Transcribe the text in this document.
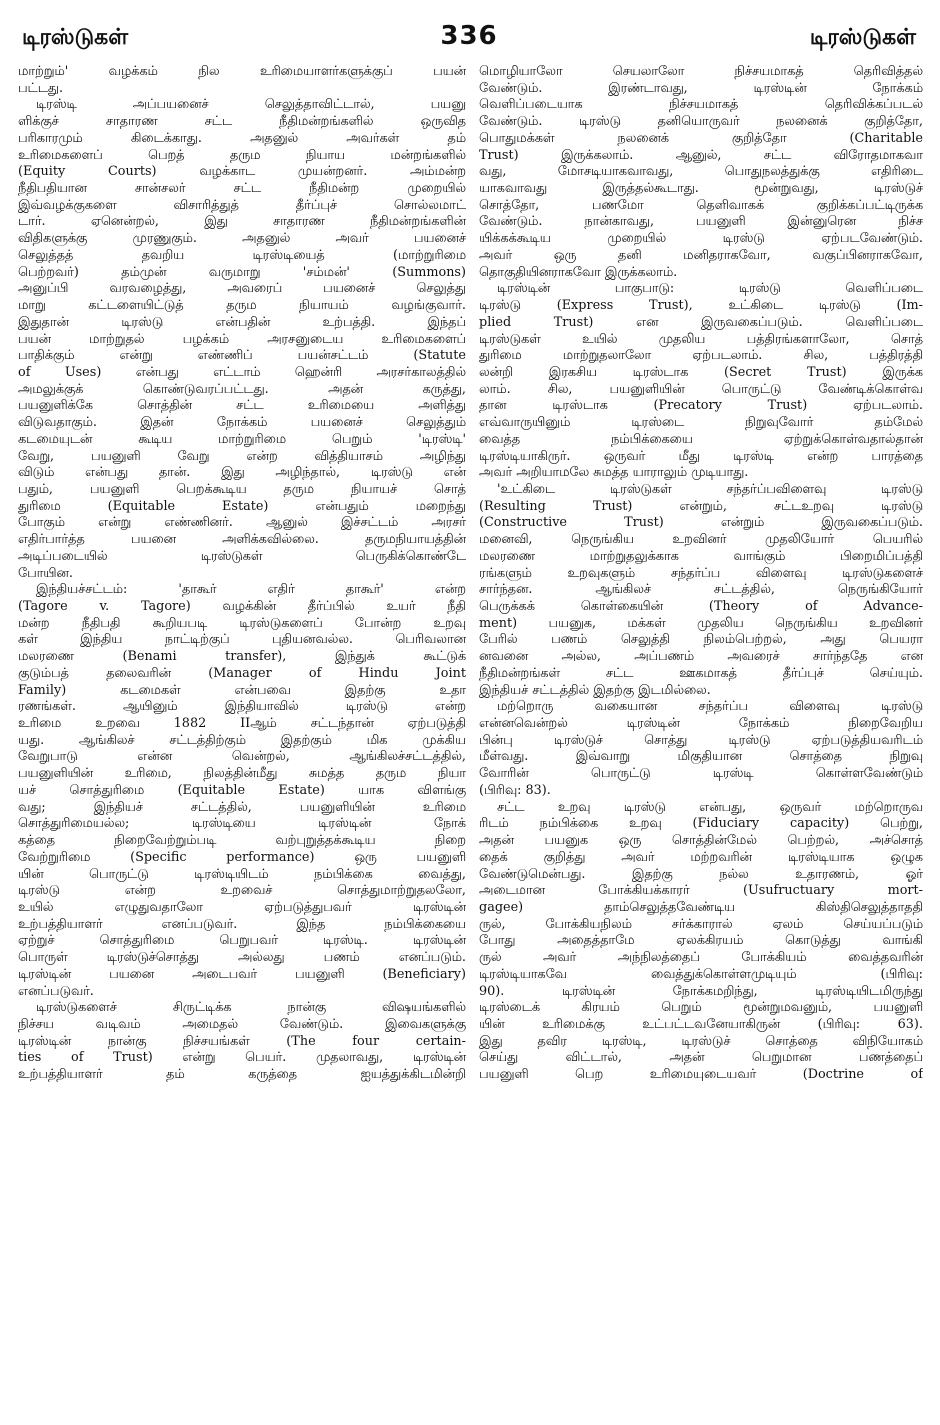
டிரஸ்டுகள்	336	டிரஸ்டுகள்
மாற்றும்' வழக்கம் நில உரிமையாளர்களுக்குப் பயன்
பட்டது.
டிரஸ்டி அப்பயனைச் செலுத்தாவிட்டால், பயனு
ளிக்குச் சாதாரண சட்ட நீதிமன்றங்களில் ஒருவித
பரிகாரமும் கிடைக்காது. அதனுல் அவர்கள் தம்
உரிமைகளைப் பெறத் தரும நியாய மன்றங்களில்
(Equity Courts) வழக்காட முயன்றனர். அம்மன்ற
நீதிபதியான சான்சலர் சட்ட நீதிமன்ற முறையில்
இவ்வழக்குகளை விசாரித்துத் தீர்ப்புச் சொல்லமாட்
டார். ஏனென்றல், இது சாதாரண நீதிமன்றங்களின்
விதிகளுக்கு முரணுகும். அதனுல் அவர் பயனைச்
செலுத்தத் தவறிய டிரஸ்டியைத் (மாற்றுரிமை
பெற்றவர்) தம்முன் வருமாறு 'சம்மன்' (Summons)
அனுப்பி வரவழைத்து, அவரைப் பயனைச் செலுத்து
மாறு கட்டளையிட்டுத் தரும நியாயம் வழங்குவார்.
இதுதான் டிரஸ்டு என்பதின் உற்பத்தி. இந்தப்
பயன் மாற்றுதல் பழக்கம் அரசனுடைய உரிமைகளைப்
பாதிக்கும் என்று எண்ணிப் பயன்சட்டம் (Statute
of Uses) என்பது எட்டாம் ஹென்ரி அரசர்காலத்தில்
அமலுக்குக் கொண்டுவரப்பட்டது. அதன் கருத்து,
பயனுளிக்கே சொத்தின் சட்ட உரிமையை அளித்து
விடுவதாகும். இதன் நோக்கம் பயனைச் செலுத்தும்
கடமையுடன் கூடிய மாற்றுரிமை பெறும் 'டிரஸ்டி'
வேறு, பயனுளி வேறு என்ற வித்தியாசம் அழிந்து
விடும் என்பது தான். இது அழிந்தால், டிரஸ்டு என்
பதும், பயனுளி பெறக்கூடிய தரும நியாயச் சொத்
துரிமை (Equitable Estate) என்பதும் மறைந்து
போகும் என்று எண்ணினர். ஆனுல் இச்சட்டம் அரசர்
எதிர்பார்த்த பயனை அளிக்கவில்லை. தருமநியாயத்தின்
அடிப்படையில் டிரஸ்டுகள் பெருகிக்கொண்டே
போயின.
இந்தியச்சட்டம்: 'தாகூர் எதிர் தாகூர்' என்ற
(Tagore v. Tagore) வழக்கின் தீர்ப்பில் உயர் நீதி
மன்ற நீதிபதி கூறியபடி டிரஸ்டுகளைப் போன்ற உறவு
கள் இந்திய நாட்டிற்குப் புதியனவல்ல. பெரிவலான
மலரணை (Benami transfer), இந்துக் கூட்டுக்
குடும்பத் தலைவரின் (Manager of Hindu Joint
Family) கடமைகள் என்பவை இதற்கு உதா
ரணங்கள். ஆயினும் இந்தியாவில் டிரஸ்டு என்ற
உரிமை உறவை 1882 IIஆம் சட்டந்தான் ஏற்படுத்தி
யது. ஆங்கிலச் சட்டத்திற்கும் இதற்கும் மிக முக்கிய
வேறுபாடு என்ன வென்றல், ஆங்கிலச்சட்டத்தில்,
பயனுளியின் உரிமை, நிலத்தின்மீது சுமத்த தரும நியா
யச் சொத்துரிமை (Equitable Estate) யாக விளங்கு
வது; இந்தியச் சட்டத்தில், பயனுளியின் உரிமை
சொத்துரிமையல்ல; டிரஸ்டியை டிரஸ்டின் நோக்
கத்தை நிறைவேற்றும்படி வற்புறுத்தக்கூடிய நிறை
வேற்றுரிமை (Specific performance) ஒரு பயனுளி
யின் பொருட்டு டிரஸ்டியிடம் நம்பிக்கை வைத்து,
டிரஸ்டு என்ற உறவைச் சொத்துமாற்றுதலலோ,
உயில் எழுதுவதாலோ ஏற்படுத்துபவர் டிரஸ்டின்
உற்பத்தியாளர் எனப்படுவர். இந்த நம்பிக்கையை
ஏற்றுச் சொத்துரிமை பெறுபவர் டிரஸ்டி. டிரஸ்டின்
பொருள் டிரஸ்டுச்சொத்து அல்லது பணம் எனப்படும்.
டிரஸ்டின் பயனை அடைபவர் பயனுளி (Beneficiary)
எனப்படுவர்.
டிரஸ்டுகளைச் சிருட்டிக்க நான்கு விஷயங்களில்
நிச்சய வடிவம் அமைதல் வேண்டும். இவைகளுக்கு
டிரஸ்டின் நான்கு நிச்சயங்கள் (The four certain-
ties of Trust) என்று பெயர். முதலாவது, டிரஸ்டின்
உற்பத்தியாளர் தம் கருத்தை ஐயத்துக்கிடமின்றி
மொழியாலோ செயலாலோ நிச்சயமாகத் தெரிவித்தல்
வேண்டும். இரண்டாவது, டிரஸ்டின் நோக்கம்
வெளிப்படையாக நிச்சயமாகத் தெரிவிக்கப்படல்
வேண்டும். டிரஸ்டு தனியொருவர் நலனைக் குறித்தோ,
பொதுமக்கள் நலனைக் குறித்தோ (Charitable
Trust) இருக்கலாம். ஆனுல், சட்ட விரோதமாகவா
வது, மோசடியாகவாவது, பொதுநலத்துக்கு எதிரிடை
யாகவாவது இருத்தல்கூடாது. மூன்றுவது, டிரஸ்டுச்
சொத்தோ, பணமோ தெளிவாகக் குறிக்கப்பட்டிருக்க
வேண்டும். நான்காவது, பயனுளி இன்னுரென நிச்ச
யிக்கக்கூடிய முறையில் டிரஸ்டு ஏற்படவேண்டும்.
அவர் ஒரு தனி மனிதராகவோ, வகுப்பினராகவோ,
தொகுதியினராகவோ இருக்கலாம்.
டிரஸ்டின் பாகுபாடு: டிரஸ்டு வெளிப்படை
டிரஸ்டு (Express Trust), உட்கிடை டிரஸ்டு (Im-
plied Trust) என இருவகைப்படும். வெளிப்படை
டிரஸ்டுகள் உயில் முதலிய பத்திரங்களாலோ, சொத்
துரிமை மாற்றுதலாலோ ஏற்படலாம். சில, பத்திரத்தி
லன்றி இரகசிய டிரஸ்டாக (Secret Trust) இருக்க
லாம். சில, பயனுளியின் பொருட்டு வேண்டிக்கொள்வ
தான டிரஸ்டாக (Precatory Trust) ஏற்படலாம்.
எவ்வாருயினும் டிரஸ்டை நிறுவுவோர் தம்மேல்
வைத்த நம்பிக்கையை ஏற்றுக்கொள்வதால்தான்
டிரஸ்டியாகிருர். ஒருவர் மீது டிரஸ்டி என்ற பாரத்தை
அவர் அறியாமலே சுமத்த யாராலும் முடியாது.
'உட்கிடை டிரஸ்டுகள் சந்தர்ப்பவிளைவு டிரஸ்டு
(Resulting Trust) என்றும், சட்டஉறவு டிரஸ்டு
(Constructive Trust) என்றும் இருவகைப்படும்.
மனைவி, நெருங்கிய உறவினர் முதலியோர் பெயரில்
மலரணை மாற்றுதலுக்காக வாங்கும் பிறைமிப்பத்தி
ரங்களும் உறவுகளும் சந்தர்ப்ப விளைவு டிரஸ்டுகளைச்
சார்ந்தன. ஆங்கிலச் சட்டத்தில், நெருங்கியோர்
பெருக்கக் கொள்கையின் (Theory of Advance-
ment) பயனுக, மக்கள் முதலிய நெருங்கிய உறவினர்
பேரில் பணம் செலுத்தி நிலம்பெற்றல், அது பெயரா
னவனை அல்ல, அப்பணம் அவரைச் சார்ந்ததே என
நீதிமன்றங்கள் சட்ட ஊகமாகத் தீர்ப்புச் செய்யும்.
இந்தியச் சட்டத்தில் இதற்கு இடமில்லை.
மற்றொரு வகையான சந்தர்ப்ப விளைவு டிரஸ்டு
என்னவென்றல் டிரஸ்டின் நோக்கம் நிறைவேறிய
பின்பு டிரஸ்டுச் சொத்து டிரஸ்டு ஏற்படுத்தியவரிடம்
மீள்வது. இவ்வாறு மிகுதியான சொத்தை நிறுவு
வோரின் பொருட்டு டிரஸ்டி கொள்ளவேண்டும்
(பிரிவு: 83).
சட்ட உறவு டிரஸ்டு என்பது, ஒருவர் மற்றொருவ
ரிடம் நம்பிக்கை உறவு (Fiduciary capacity) பெற்று,
அதன் பயனுக ஒரு சொத்தின்மேல் பெற்றல், அச்சொத்
தைக் குறித்து அவர் மற்றவரின் டிரஸ்டியாக ஒழுக
வேண்டுமென்பது. இதற்கு நல்ல உதாரணம், ஓர்
அடைமான போக்கியக்காரர் (Usufructuary mort-
gagee) தாம்செலுத்தவேண்டிய கிஸ்திசெலுத்தாததி
ருல், போக்கியநிலம் சர்க்காரால் ஏலம் செய்யப்படும்
போது அதைத்தாமே ஏலக்கிரயம் கொடுத்து வாங்கி
ருல் அவர் அந்நிலத்தைப் போக்கியம் வைத்தவரின்
டிரஸ்டியாகவே வைத்துக்கொள்ளமுடியும் (பிரிவு:
90). டிரஸ்டின் நோக்கமறிந்து, டிரஸ்டியிடமிருந்து
டிரஸ்டைக் கிரயம் பெறும் மூன்றுமவனும், பயனுளி
யின் உரிமைக்கு உட்பட்டவனேயாகிருன் (பிரிவு: 63).
இது தவிர டிரஸ்டி, டிரஸ்டுச் சொத்தை விநியோகம்
செய்து விட்டால், அதன் பெறுமான பணத்தைப்
பயனுளி பெற உரிமையுடையவர் (Doctrine of
